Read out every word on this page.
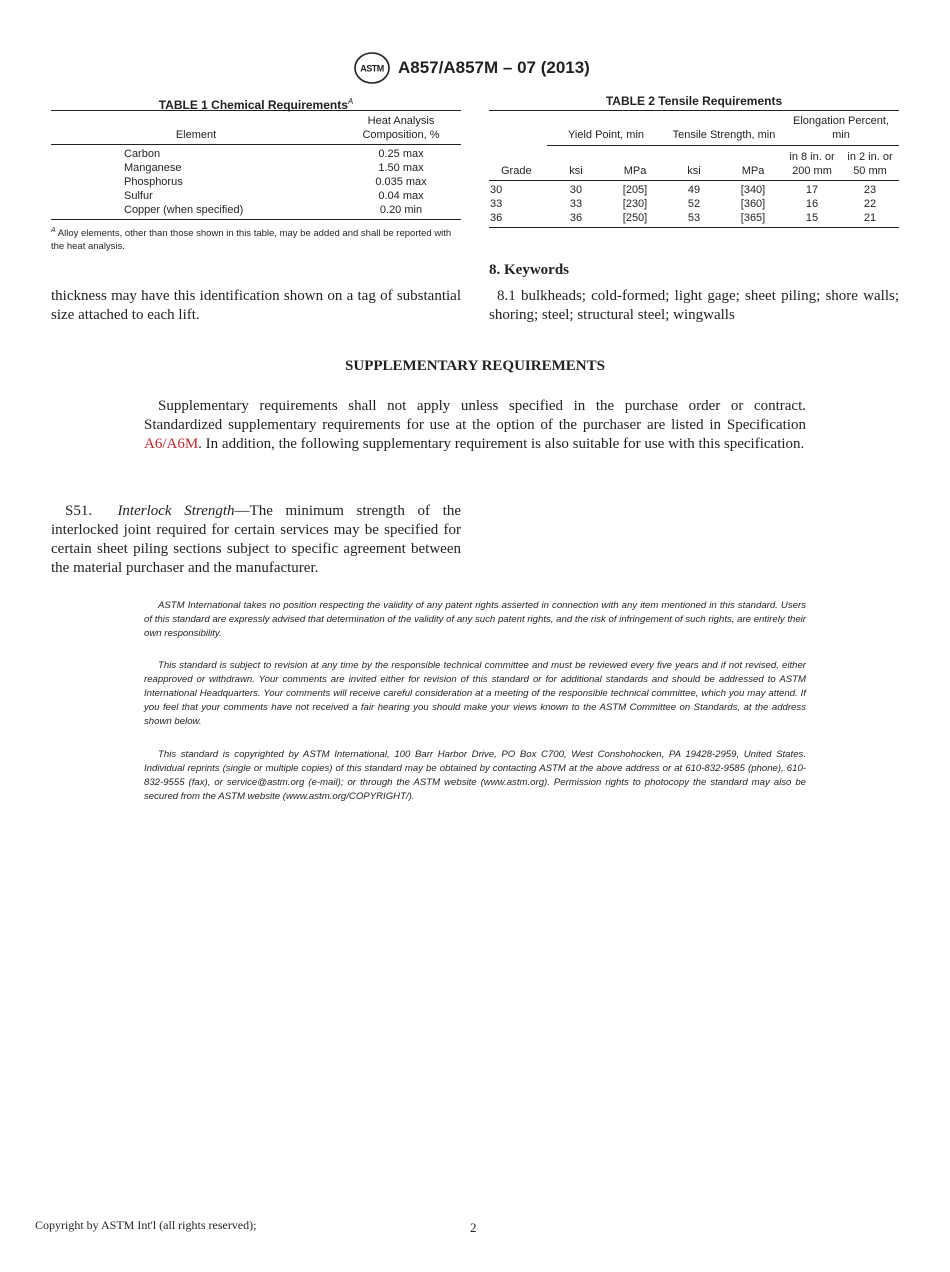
ASTM A857/A857M – 07 (2013)
TABLE 1 Chemical Requirements$^A$
Element	Heat Analysis
Composition, %
Carbon	0.25 max
Manganese	1.50 max
Phosphorus	0.035 max
Sulfur	0.04 max
Copper (when specified)	0.20 min
$^A$ Alloy elements, other than those shown in this table, may be added and shall be reported with the heat analysis.
TABLE 2 Tensile Requirements
Grade	Yield Point, min		Tensile Strength, min		Elongation Percent, min	
	ksi	MPa	ksi	MPa	in 8 in. or 200 mm	in 2 in. or 50 mm
30	30	[205]	49	[340]	17	23
33	33	[230]	52	[360]	16	22
36	36	[250]	53	[365]	15	21
thickness may have this identification shown on a tag of substantial size attached to each lift.
8. Keywords
8.1 bulkheads; cold-formed; light gage; sheet piling; shore walls; shoring; steel; structural steel; wingwalls
SUPPLEMENTARY REQUIREMENTS
Supplementary requirements shall not apply unless specified in the purchase order or contract. Standardized supplementary requirements for use at the option of the purchaser are listed in Specification A6/A6M. In addition, the following supplementary requirement is also suitable for use with this specification.
S51. Interlock Strength—The minimum strength of the interlocked joint required for certain services may be specified for certain sheet piling sections subject to specific agreement between the material purchaser and the manufacturer.
ASTM International takes no position respecting the validity of any patent rights asserted in connection with any item mentioned in this standard. Users of this standard are expressly advised that determination of the validity of any such patent rights, and the risk of infringement of such rights, are entirely their own responsibility.
This standard is subject to revision at any time by the responsible technical committee and must be reviewed every five years and if not revised, either reapproved or withdrawn. Your comments are invited either for revision of this standard or for additional standards and should be addressed to ASTM International Headquarters. Your comments will receive careful consideration at a meeting of the responsible technical committee, which you may attend. If you feel that your comments have not received a fair hearing you should make your views known to the ASTM Committee on Standards, at the address shown below.
This standard is copyrighted by ASTM International, 100 Barr Harbor Drive, PO Box C700, West Conshohocken, PA 19428-2959, United States. Individual reprints (single or multiple copies) of this standard may be obtained by contacting ASTM at the above address or at 610-832-9585 (phone), 610-832-9555 (fax), or service@astm.org (e-mail); or through the ASTM website (www.astm.org). Permission rights to photocopy the standard may also be secured from the ASTM website (www.astm.org/COPYRIGHT/).
Copyright by ASTM Int'l (all rights reserved);	2
